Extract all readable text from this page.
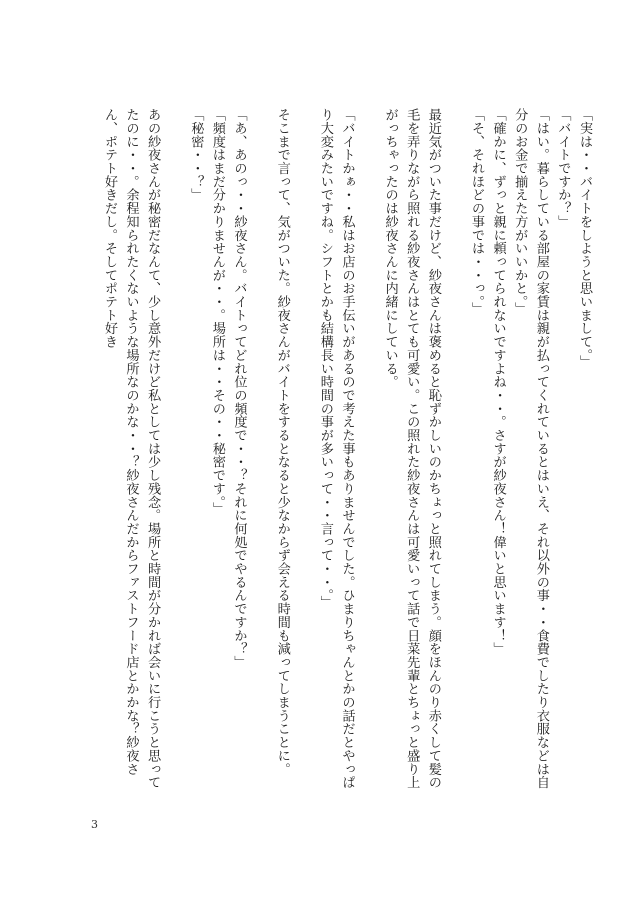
「実は・・バイトをしようと思いまして。」
「バイトですか？」
「はい。暮らしている部屋の家賃は親が払ってくれているとはいえ、それ以外の事・・食費でしたり衣服などは自分のお金で揃えた方がいいかと。」
「確かに、ずっと親に頼ってられないですよね・・。さすが紗夜さん！偉いと思います！」
「そ、それほどの事では・・っ。」
最近気がついた事だけど、紗夜さんは褒めると恥ずかしいのかちょっと照れてしまう。顔をほんのり赤くして髪の毛を弄りながら照れる紗夜さんはとても可愛い。この照れた紗夜さんは可愛いって話で日菜先輩とちょっと盛り上がっちゃったのは紗夜さんに内緒にしている。
「バイトかぁ・・私はお店のお手伝いがあるので考えた事もありませんでした。ひまりちゃんとかの話だとやっぱり大変みたいですね。シフトとかも結構長い時間の事が多いって・・言って・・。」
そこまで言って、気がついた。紗夜さんがバイトをするとなると少なからず会える時間も減ってしまうことに。
「あ、あのっ・・紗夜さん。バイトってどれ位の頻度で・・？それに何処でやるんですか？」
「頻度はまだ分かりませんが・・。場所は・・その・・秘密です。」
「秘密・・？」
あの紗夜さんが秘密だなんて、少し意外だけど私としては少し残念。場所と時間が分かれば会いに行こうと思ってたのに・・。余程知られたくないような場所なのかな・・？紗夜さんだからファストフード店とかかな？紗夜さん、ポテト好きだし。そしてポテト好き
3
